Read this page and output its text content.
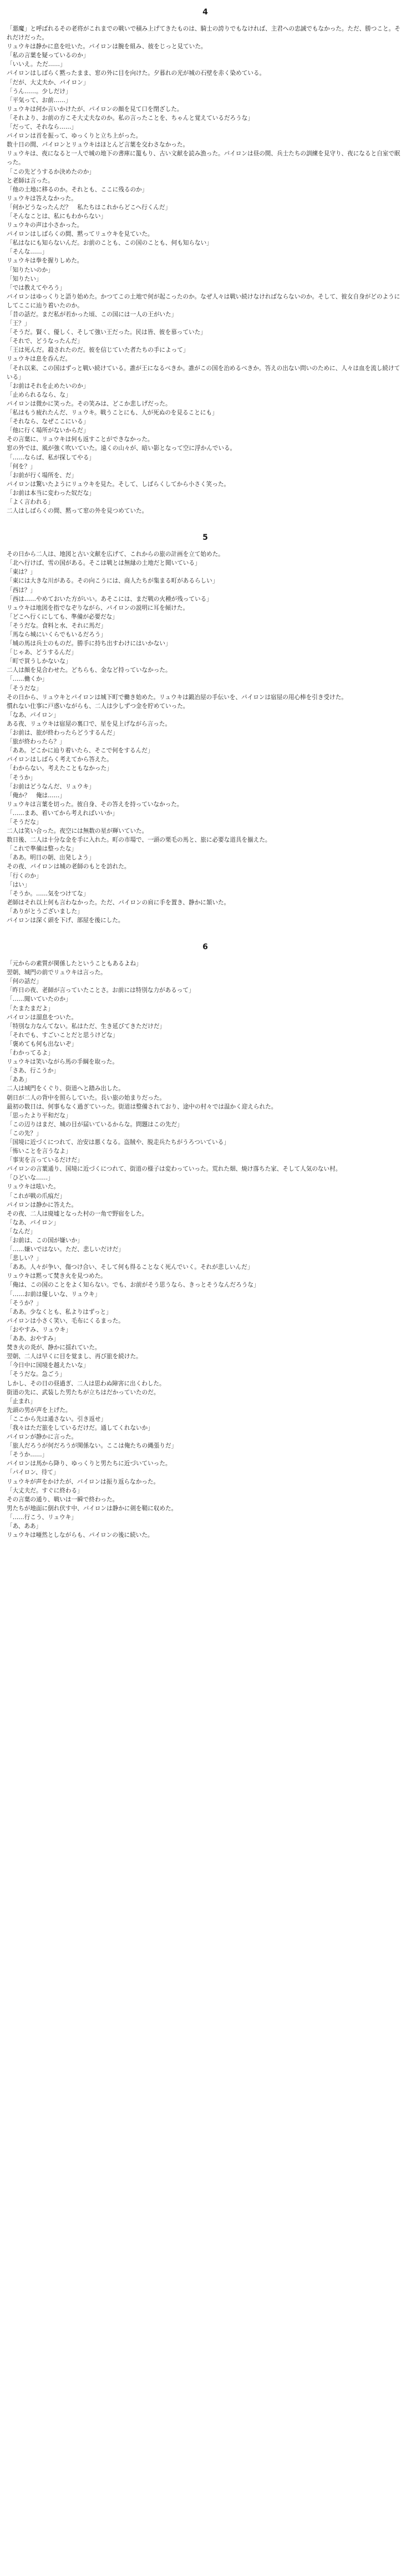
4

「悪魔」と呼ばれるその老将がこれまでの戦いで積み上げてきたものは、騎士の誇りでもなければ、主君への忠誠でもなかった。ただ、勝つこと。それだけだった。

リュウキは静かに息を吐いた。パイロンは腕を組み、彼をじっと見ていた。

「私の言葉を疑っているのか」

「いいえ。ただ……」

パイロンはしばらく黙ったまま、窓の外に目を向けた。夕暮れの光が城の石壁を赤く染めている。

「だが、大丈夫か、パイロン」

「うん……。少しだけ」

「平気って、お前……」

リュウキは何か言いかけたが、パイロンの顔を見て口を閉ざした。

「それより、お前の方こそ大丈夫なのか。私の言ったことを、ちゃんと覚えているだろうな」

「だって、それなら……」

パイロンは首を振って、ゆっくりと立ち上がった。

数十日の間、パイロンとリュウキはほとんど言葉を交わさなかった。

リュウキは、夜になると一人で城の地下の書庫に籠もり、古い文献を読み漁った。パイロンは昼の間、兵士たちの訓練を見守り、夜になると自室で眠った。

「この先どうするか決めたのか」

と老師は言った。

「他の土地に移るのか。それとも、ここに残るのか」

リュウキは答えなかった。

「何かどうなったんだ？　私たちはこれからどこへ行くんだ」

「そんなことは、私にもわからない」

リュウキの声は小さかった。

パイロンはしばらくの間、黙ってリュウキを見ていた。

「私はなにも知らないんだ。お前のことも、この国のことも、何も知らない」

「そんな……」

リュウキは拳を握りしめた。

「知りたいのか」

「知りたい」

「では教えてやろう」

パイロンはゆっくりと語り始めた。かつてこの土地で何が起こったのか。なぜ人々は戦い続けなければならないのか。そして、彼女自身がどのようにしてここに辿り着いたのか。

「昔の話だ。まだ私が若かった頃、この国には一人の王がいた」

「王？」

「そうだ。賢く、優しく、そして強い王だった。民は皆、彼を慕っていた」

「それで、どうなったんだ」

「王は死んだ。殺されたのだ。彼を信じていた者たちの手によって」

リュウキは息を呑んだ。

「それ以来、この国はずっと戦い続けている。誰が王になるべきか。誰がこの国を治めるべきか。答えの出ない問いのために、人々は血を流し続けている」

「お前はそれを止めたいのか」

「止められるなら、な」

パイロンは微かに笑った。その笑みは、どこか悲しげだった。

「私はもう疲れたんだ、リュウキ。戦うことにも、人が死ぬのを見ることにも」

「それなら、なぜここにいる」

「他に行く場所がないからだ」

その言葉に、リュウキは何も返すことができなかった。

窓の外では、風が強く吹いていた。遠くの山々が、暗い影となって空に浮かんでいる。

「……ならば、私が探してやる」

「何を？」

「お前が行く場所を、だ」

パイロンは驚いたようにリュウキを見た。そして、しばらくしてから小さく笑った。

「お前は本当に変わった奴だな」

「よく言われる」

二人はしばらくの間、黙って窓の外を見つめていた。

5

その日から二人は、地図と古い文献を広げて、これからの旅の計画を立て始めた。

「北へ行けば、雪の国がある。そこは戦とは無縁の土地だと聞いている」

「東は？」

「東には大きな川がある。その向こうには、商人たちが集まる町があるらしい」

「西は？」

「西は……やめておいた方がいい。あそこには、まだ戦の火種が残っている」

リュウキは地図を指でなぞりながら、パイロンの説明に耳を傾けた。

「どこへ行くにしても、準備が必要だな」

「そうだな。食料と水、それに馬だ」

「馬なら城にいくらでもいるだろう」

「城の馬は兵士のものだ。勝手に持ち出すわけにはいかない」

「じゃあ、どうするんだ」

「町で買うしかないな」

二人は顔を見合わせた。どちらも、金など持っていなかった。

「……働くか」

「そうだな」

その日から、リュウキとパイロンは城下町で働き始めた。リュウキは鍛冶屋の手伝いを、パイロンは宿屋の用心棒を引き受けた。

慣れない仕事に戸惑いながらも、二人は少しずつ金を貯めていった。

「なあ、パイロン」

ある夜、リュウキは宿屋の裏口で、星を見上げながら言った。

「お前は、旅が終わったらどうするんだ」

「旅が終わったら？」

「ああ。どこかに辿り着いたら、そこで何をするんだ」

パイロンはしばらく考えてから答えた。

「わからない。考えたこともなかった」

「そうか」

「お前はどうなんだ、リュウキ」

「俺か？　俺は……」

リュウキは言葉を切った。彼自身、その答えを持っていなかった。

「……まあ、着いてから考えればいいか」

「そうだな」

二人は笑い合った。夜空には無数の星が輝いていた。

数日後、二人は十分な金を手に入れた。町の市場で、一頭の栗毛の馬と、旅に必要な道具を揃えた。

「これで準備は整ったな」

「ああ。明日の朝、出発しよう」

その夜、パイロンは城の老師のもとを訪れた。

「行くのか」

「はい」

「そうか。……気をつけてな」

老師はそれ以上何も言わなかった。ただ、パイロンの肩に手を置き、静かに頷いた。

「ありがとうございました」

パイロンは深く頭を下げ、部屋を後にした。

6

「元からの素質が関係したということもあるよね」

翌朝、城門の前でリュウキは言った。

「何の話だ」

「昨日の夜、老師が言っていたことさ。お前には特別な力があるって」

「……聞いていたのか」

「たまたまだよ」

パイロンは溜息をついた。

「特別な力なんてない。私はただ、生き延びてきただけだ」

「それでも、すごいことだと思うけどな」

「褒めても何も出ないぞ」

「わかってるよ」

リュウキは笑いながら馬の手綱を取った。

「さあ、行こうか」

「ああ」

二人は城門をくぐり、街道へと踏み出した。

朝日が二人の背中を照らしていた。長い旅の始まりだった。

最初の数日は、何事もなく過ぎていった。街道は整備されており、途中の村々では温かく迎えられた。

「思ったより平和だな」

「この辺りはまだ、城の目が届いているからな。問題はこの先だ」

「この先？」

「国境に近づくにつれて、治安は悪くなる。盗賊や、脱走兵たちがうろついている」

「怖いことを言うなよ」

「事実を言っているだけだ」

パイロンの言葉通り、国境に近づくにつれて、街道の様子は変わっていった。荒れた畑、焼け落ちた家、そして人気のない村。

「ひどいな……」

リュウキは呟いた。

「これが戦の爪痕だ」

パイロンは静かに答えた。

その夜、二人は廃墟となった村の一角で野宿をした。

「なあ、パイロン」

「なんだ」

「お前は、この国が嫌いか」

「……嫌いではない。ただ、悲しいだけだ」

「悲しい？」

「ああ。人々が争い、傷つけ合い、そして何も得ることなく死んでいく。それが悲しいんだ」

リュウキは黙って焚き火を見つめた。

「俺は、この国のことをよく知らない。でも、お前がそう思うなら、きっとそうなんだろうな」

「……お前は優しいな、リュウキ」

「そうか？」

「ああ。少なくとも、私よりはずっと」

パイロンは小さく笑い、毛布にくるまった。

「おやすみ、リュウキ」

「ああ、おやすみ」

焚き火の炎が、静かに揺れていた。

翌朝、二人は早くに目を覚まし、再び旅を続けた。

「今日中に国境を越えたいな」

「そうだな。急ごう」

しかし、その日の昼過ぎ、二人は思わぬ障害に出くわした。

街道の先に、武装した男たちが立ちはだかっていたのだ。

「止まれ」

先頭の男が声を上げた。

「ここから先は通さない。引き返せ」

「我々はただ旅をしているだけだ。通してくれないか」

パイロンが静かに言った。

「旅人だろうが何だろうが関係ない。ここは俺たちの縄張りだ」

「そうか……」

パイロンは馬から降り、ゆっくりと男たちに近づいていった。

「パイロン、待て」

リュウキが声をかけたが、パイロンは振り返らなかった。

「大丈夫だ。すぐに終わる」

その言葉の通り、戦いは一瞬で終わった。

男たちが地面に倒れ伏す中、パイロンは静かに剣を鞘に収めた。

「……行こう、リュウキ」

「あ、ああ」

リュウキは唖然としながらも、パイロンの後に続いた。
